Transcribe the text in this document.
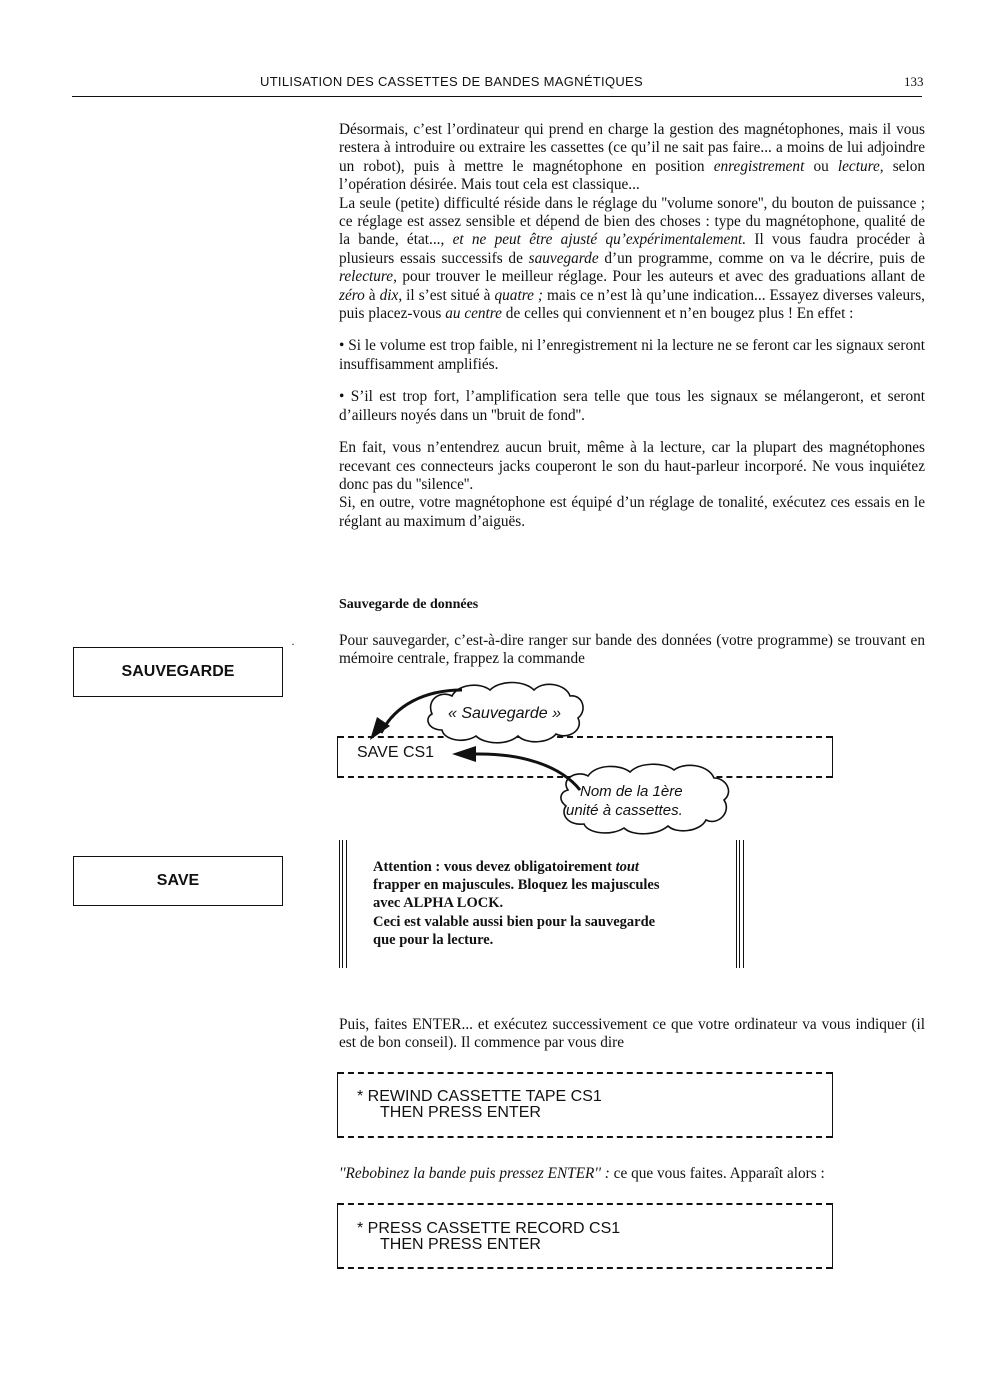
UTILISATION DES CASSETTES DE BANDES MAGNÉTIQUES	133

Désormais, c’est l’ordinateur qui prend en charge la gestion des magnétophones, mais il vous restera à introduire ou extraire les cassettes (ce qu’il ne sait pas faire... a moins de lui adjoindre un robot), puis à mettre le magnétophone en position enregistrement ou lecture, selon l’opération désirée. Mais tout cela est classique...

La seule (petite) difficulté réside dans le réglage du ''volume sonore'', du bouton de puissance ; ce réglage est assez sensible et dépend de bien des choses : type du magnétophone, qualité de la bande, état..., et ne peut être ajusté qu’expérimentalement. Il vous faudra procéder à plusieurs essais successifs de sauvegarde d’un programme, comme on va le décrire, puis de relecture, pour trouver le meilleur réglage. Pour les auteurs et avec des graduations allant de zéro à dix, il s’est situé à quatre ; mais ce n’est là qu’une indication... Essayez diverses valeurs, puis placez-vous au centre de celles qui conviennent et n’en bougez plus ! En effet :

• Si le volume est trop faible, ni l’enregistrement ni la lecture ne se feront car les signaux seront insuffisamment amplifiés.

• S’il est trop fort, l’amplification sera telle que tous les signaux se mélangeront, et seront d’ailleurs noyés dans un ''bruit de fond''.

En fait, vous n’entendrez aucun bruit, même à la lecture, car la plupart des magnétophones recevant ces connecteurs jacks couperont le son du haut-parleur incorporé. Ne vous inquiétez donc pas du ''silence''.

Si, en outre, votre magnétophone est équipé d’un réglage de tonalité, exécutez ces essais en le réglant au maximum d’aiguës.

Sauvegarde de données

Pour sauvegarder, c’est-à-dire ranger sur bande des données (votre programme) se trouvant en mémoire centrale, frappez la commande

SAUVEGARDE
·
SAVE
SAVE CS1
« Sauvegarde »
Nom de la 1ère
unité à cassettes.
Attention : vous devez obligatoirement tout
frapper en majuscules. Bloquez les majuscules
avec ALPHA LOCK.
Ceci est valable aussi bien pour la sauvegarde
que pour la lecture.

Puis, faites ENTER... et exécutez successivement ce que votre ordinateur va vous indiquer (il est de bon conseil). Il commence par vous dire

* REWIND CASSETTE TAPE CS1
THEN PRESS ENTER
''Rebobinez la bande puis pressez ENTER'' : ce que vous faites. Apparaît alors :
* PRESS CASSETTE RECORD CS1
THEN PRESS ENTER
